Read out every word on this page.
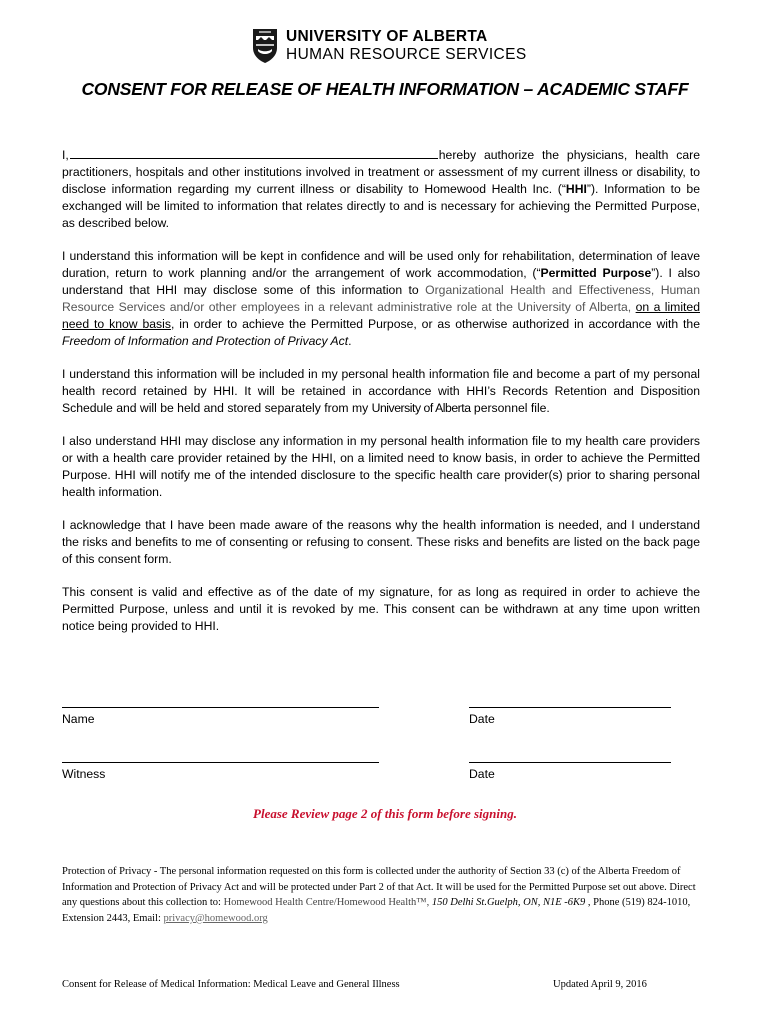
UNIVERSITY OF ALBERTA
HUMAN RESOURCE SERVICES
CONSENT FOR RELEASE OF HEALTH INFORMATION – ACADEMIC STAFF

I,	hereby authorize the physicians, health care practitioners, hospitals and other institutions involved in treatment or assessment of my current illness or disability, to disclose information regarding my current illness or disability to Homewood Health Inc. (“HHI”). Information to be exchanged will be limited to information that relates directly to and is necessary for achieving the Permitted Purpose, as described below.

I understand this information will be kept in confidence and will be used only for rehabilitation, determination of leave duration, return to work planning and/or the arrangement of work accommodation, (“Permitted Purpose”). I also understand that HHI may disclose some of this information to Organizational Health and Effectiveness, Human Resource Services and/or other employees in a relevant administrative role at the University of Alberta, on a limited need to know basis, in order to achieve the Permitted Purpose, or as otherwise authorized in accordance with the Freedom of Information and Protection of Privacy Act.

I understand this information will be included in my personal health information file and become a part of my personal health record retained by HHI. It will be retained in accordance with HHI’s Records Retention and Disposition Schedule and will be held and stored separately from my University of Alberta personnel file.

I also understand HHI may disclose any information in my personal health information file to my health care providers or with a health care provider retained by the HHI, on a limited need to know basis, in order to achieve the Permitted Purpose. HHI will notify me of the intended disclosure to the specific health care provider(s) prior to sharing personal health information.

I acknowledge that I have been made aware of the reasons why the health information is needed, and I understand the risks and benefits to me of consenting or refusing to consent. These risks and benefits are listed on the back page of this consent form.

This consent is valid and effective as of the date of my signature, for as long as required in order to achieve the Permitted Purpose, unless and until it is revoked by me. This consent can be withdrawn at any time upon written notice being provided to HHI.

Name	Date
Witness	Date
Please Review page 2 of this form before signing.
Protection of Privacy - The personal information requested on this form is collected under the authority of Section 33 (c) of the Alberta Freedom of Information and Protection of Privacy Act and will be protected under Part 2 of that Act. It will be used for the Permitted Purpose set out above. Direct any questions about this collection to: Homewood Health Centre/Homewood Health™, 150 Delhi St.Guelph, ON, N1E -6K9 , Phone (519) 824-1010, Extension 2443, Email: privacy@homewood.org
Consent for Release of Medical Information: Medical Leave and General Illness	Updated April 9, 2016
